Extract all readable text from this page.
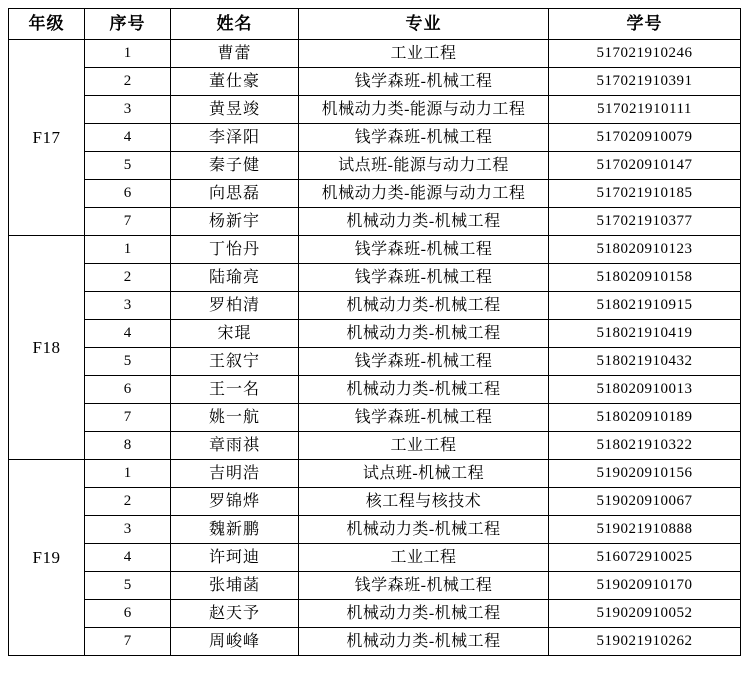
年级	序号	姓名	专业	学号
F17	1	曹蕾	工业工程	517021910246
	2	董仕豪	钱学森班-机械工程	517021910391
	3	黄昱竣	机械动力类-能源与动力工程	517021910111
	4	李泽阳	钱学森班-机械工程	517020910079
	5	秦子健	试点班-能源与动力工程	517020910147
	6	向思磊	机械动力类-能源与动力工程	517021910185
	7	杨新宇	机械动力类-机械工程	517021910377
F18	1	丁怡丹	钱学森班-机械工程	518020910123
	2	陆瑜亮	钱学森班-机械工程	518020910158
	3	罗柏清	机械动力类-机械工程	518021910915
	4	宋琨	机械动力类-机械工程	518021910419
	5	王叙宁	钱学森班-机械工程	518021910432
	6	王一名	机械动力类-机械工程	518020910013
	7	姚一航	钱学森班-机械工程	518020910189
	8	章雨祺	工业工程	518021910322
F19	1	吉明浩	试点班-机械工程	519020910156
	2	罗锦烨	核工程与核技术	519020910067
	3	魏新鹏	机械动力类-机械工程	519021910888
	4	许珂迪	工业工程	516072910025
	5	张埔菡	钱学森班-机械工程	519020910170
	6	赵天予	机械动力类-机械工程	519020910052
	7	周峻峰	机械动力类-机械工程	519021910262
